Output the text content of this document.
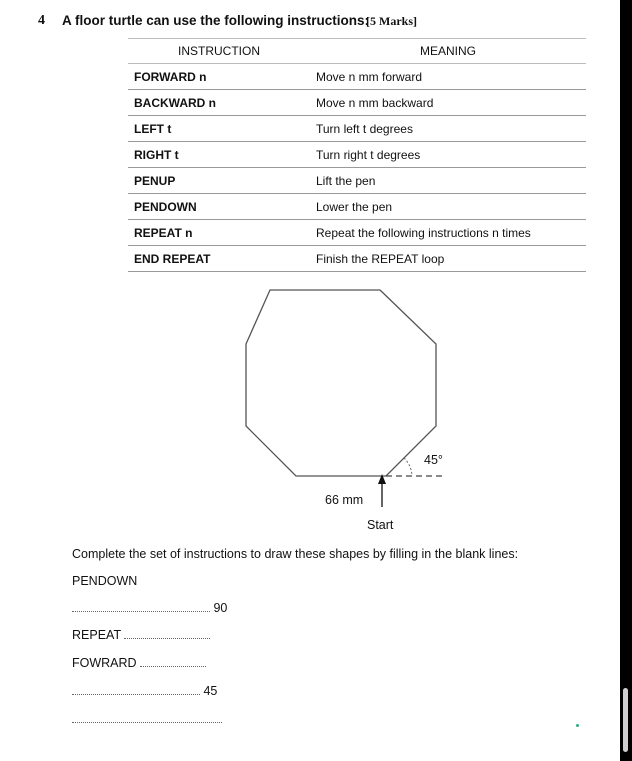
4 A floor turtle can use the following instructions:
[5 Marks]
INSTRUCTION	MEANING
FORWARD n	Move n mm forward
BACKWARD n	Move n mm backward
LEFT t	Turn left t degrees
RIGHT t	Turn right t degrees
PENUP	Lift the pen
PENDOWN	Lower the pen
REPEAT n	Repeat the following instructions n times
END REPEAT	Finish the REPEAT loop
45°
66 mm
Start
Complete the set of instructions to draw these shapes by filling in the blank lines:
PENDOWN
90
REPEAT
FOWRARD
45
